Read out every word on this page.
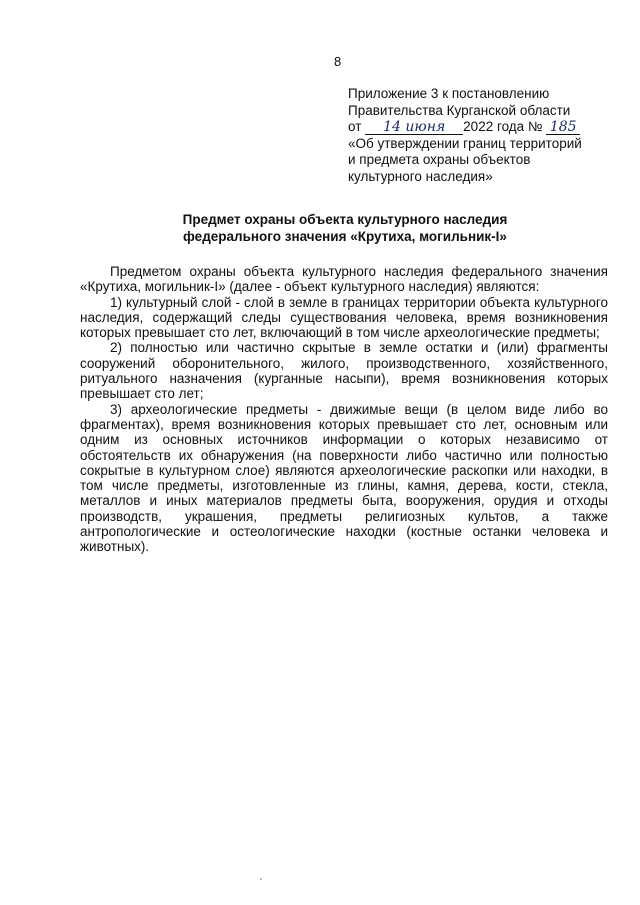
8
Приложение 3 к постановлению
Правительства Курганской области
от 14 июня 2022 года № 185
«Об утверждении границ территорий
и предмета охраны объектов
культурного наследия»
Предмет охраны объекта культурного наследия
федерального значения «Крутиха, могильник-I»

Предметом охраны объекта культурного наследия федерального значения «Крутиха, могильник-I» (далее - объект культурного наследия) являются:

1) культурный слой - слой в земле в границах территории объекта культурного наследия, содержащий следы существования человека, время возникновения которых превышает сто лет, включающий в том числе археологические предметы;

2) полностью или частично скрытые в земле остатки и (или) фрагменты сооружений оборонительного, жилого, производственного, хозяйственного, ритуального назначения (курганные насыпи), время возникновения которых превышает сто лет;

3) археологические предметы - движимые вещи (в целом виде либо во фрагментах), время возникновения которых превышает сто лет, основным или одним из основных источников информации о которых независимо от обстоятельств их обнаружения (на поверхности либо частично или полностью сокрытые в культурном слое) являются археологические раскопки или находки, в том числе предметы, изготовленные из глины, камня, дерева, кости, стекла, металлов и иных материалов предметы быта, вооружения, орудия и отходы производств, украшения, предметы религиозных культов, а также антропологические и остеологические находки (костные останки человека и животных).
